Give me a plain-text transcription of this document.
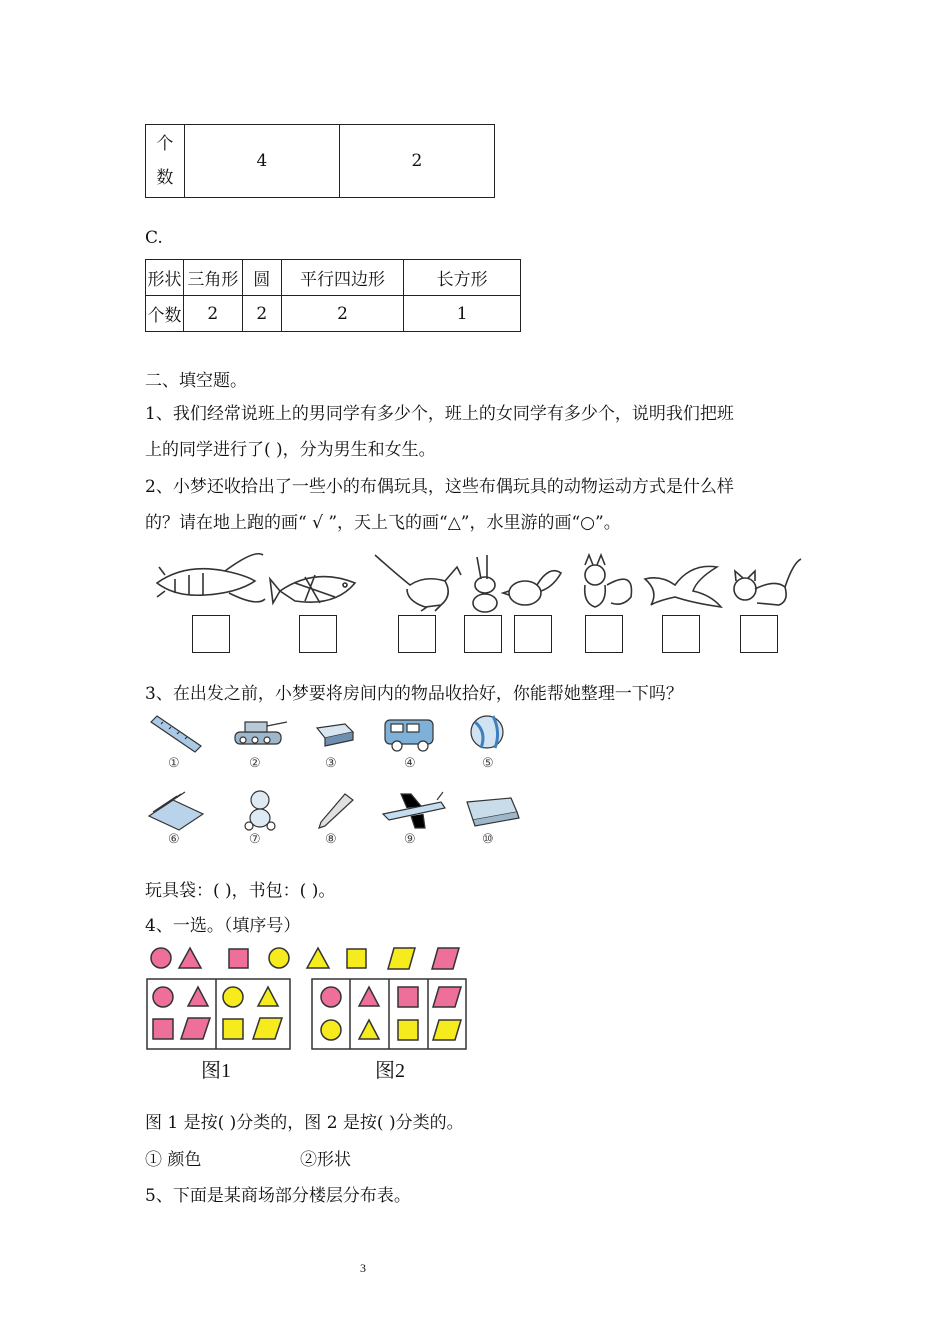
个
数	4	2
C.
形状	三角形	圆	平行四边形	长方形
个数	2	2	2	1
二、填空题。
1、我们经常说班上的男同学有多少个，班上的女同学有多少个，说明我们把班
上的同学进行了( )，分为男生和女生。
2、小梦还收拾出了一些小的布偶玩具，这些布偶玩具的动物运动方式是什么样
的？请在地上跑的画“ √ ”，天上飞的画“△”，水里游的画“○”。
3、在出发之前，小梦要将房间内的物品收拾好，你能帮她整理一下吗？
①	②	③	④	⑤
⑥	⑦	⑧	⑨	⑩
玩具袋：( )，书包：( )。
4、一选。（填序号）
图1	图2
图 1 是按( )分类的，图 2 是按( )分类的。
① 颜色	②形状
5、下面是某商场部分楼层分布表。
3
